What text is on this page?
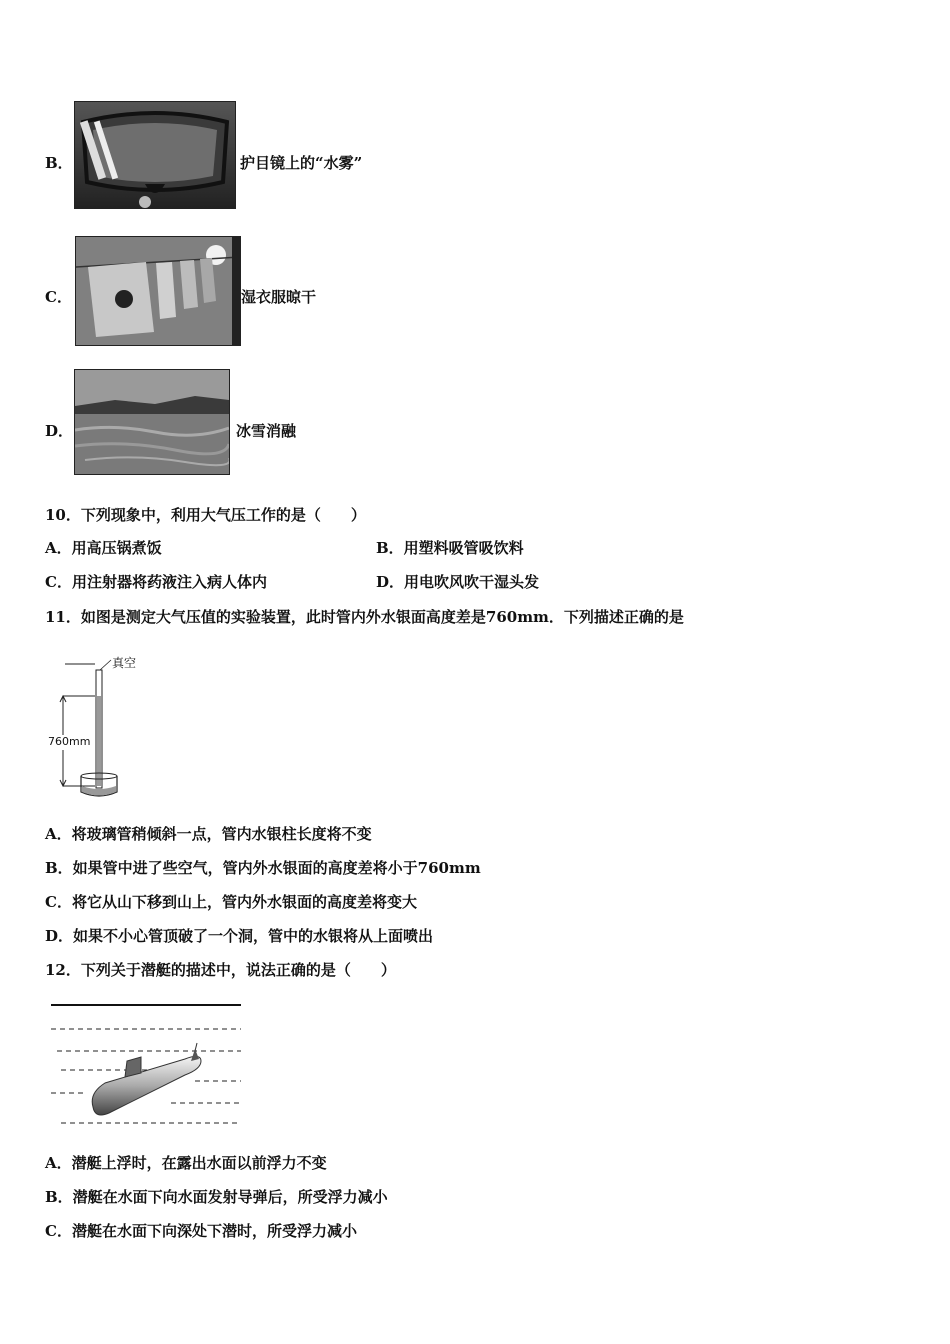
B．	护目镜上的“水雾”
C．	湿衣服晾干
D．	冰雪消融
10．下列现象中，利用大气压工作的是（　　）
A．用高压锅煮饭	B．用塑料吸管吸饮料
C．用注射器将药液注入病人体内	D．用电吹风吹干湿头发
11．如图是测定大气压值的实验装置，此时管内外水银面高度差是760mm．下列描述正确的是
真空
760mm
A．将玻璃管稍倾斜一点，管内水银柱长度将不变
B．如果管中进了些空气，管内外水银面的高度差将小于760mm
C．将它从山下移到山上，管内外水银面的高度差将变大
D．如果不小心管顶破了一个洞，管中的水银将从上面喷出
12．下列关于潜艇的描述中，说法正确的是（　　）
A．潜艇上浮时，在露出水面以前浮力不变
B．潜艇在水面下向水面发射导弹后，所受浮力减小
C．潜艇在水面下向深处下潜时，所受浮力减小
